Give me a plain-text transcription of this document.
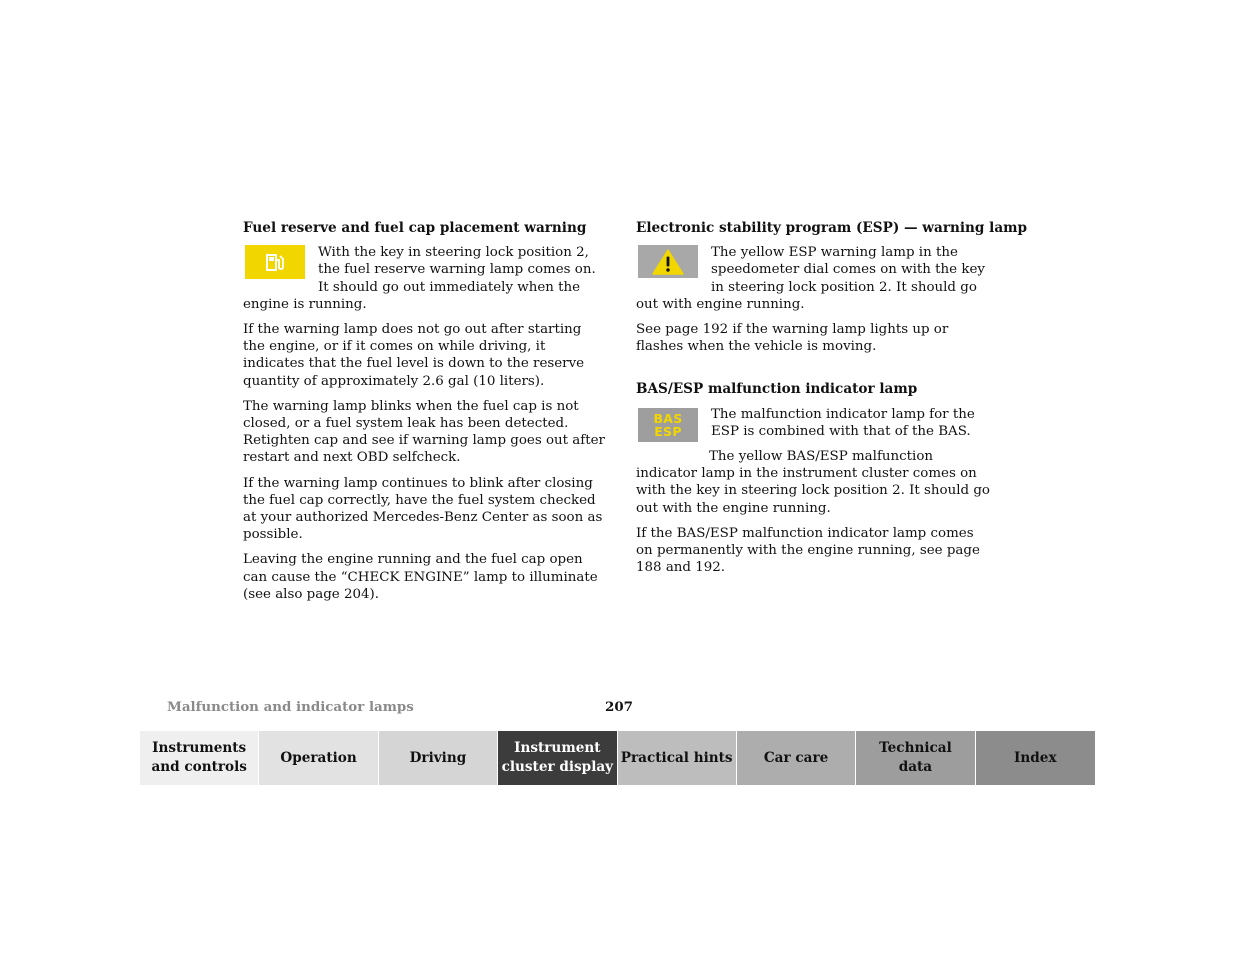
Fuel reserve and fuel cap placement warning

With the key in steering lock position 2, the fuel reserve warning lamp comes on. It should go out immediately when the engine is running.

If the warning lamp does not go out after starting the engine, or if it comes on while driving, it indicates that the fuel level is down to the reserve quantity of approximately 2.6 gal (10 liters).

The warning lamp blinks when the fuel cap is not closed, or a fuel system leak has been detected. Retighten cap and see if warning lamp goes out after restart and next OBD selfcheck.

If the warning lamp continues to blink after closing the fuel cap correctly, have the fuel system checked at your authorized Mercedes-Benz Center as soon as possible.

Leaving the engine running and the fuel cap open can cause the “CHECK ENGINE” lamp to illuminate (see also page 204).

Electronic stability program (ESP) — warning lamp

The yellow ESP warning lamp in the speedometer dial comes on with the key in steering lock position 2. It should go out with engine running.

See page 192 if the warning lamp lights up or flashes when the vehicle is moving.

BAS/ESP malfunction indicator lamp
BAS
ESP

The malfunction indicator lamp for the ESP is combined with that of the BAS.

The yellow BAS/ESP malfunction indicator lamp in the instrument cluster comes on with the key in steering lock position 2. It should go out with the engine running.

If the BAS/ESP malfunction indicator lamp comes on permanently with the engine running, see page 188 and 192.

Malfunction and indicator lamps	207
Instruments
and controls
Operation	Driving
Instrument
cluster display
Practical hints	Car care
Technical
data
Index
